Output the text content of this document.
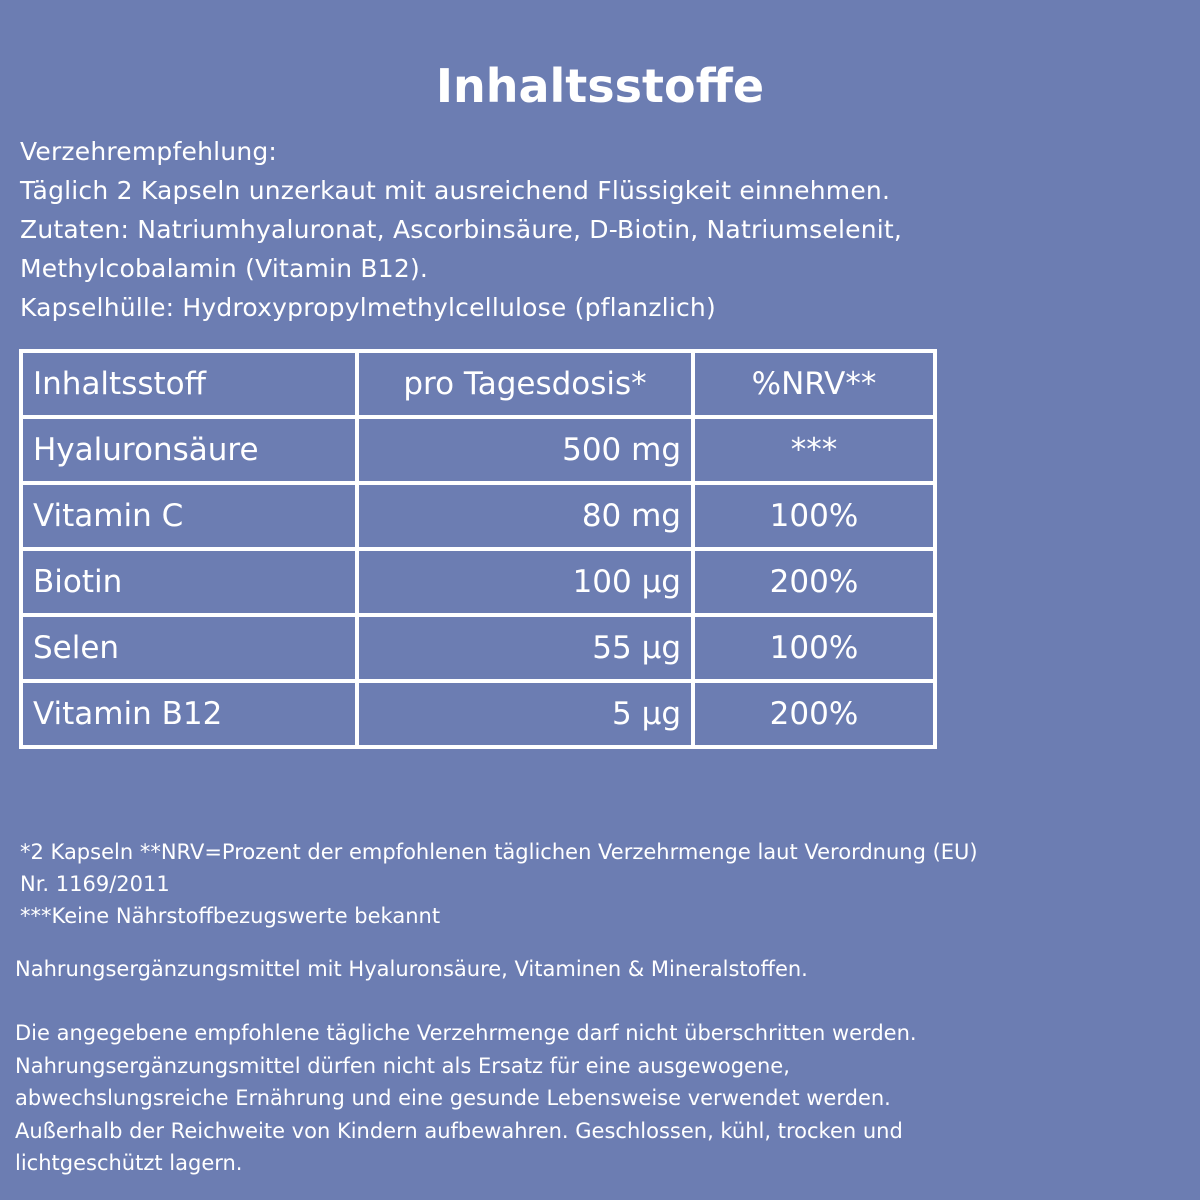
Inhaltsstoffe
Verzehrempfehlung:
Täglich 2 Kapseln unzerkaut mit ausreichend Flüssigkeit einnehmen.
Zutaten: Natriumhyaluronat, Ascorbinsäure, D-Biotin, Natriumselenit,
Methylcobalamin (Vitamin B12).
Kapselhülle: Hydroxypropylmethylcellulose (pflanzlich)
Inhaltsstoff	pro Tagesdosis*	%NRV**
Hyaluronsäure	500 mg	***
Vitamin C	80 mg	100%
Biotin	100 µg	200%
Selen	55 µg	100%
Vitamin B12	5 µg	200%
*2 Kapseln **NRV=Prozent der empfohlenen täglichen Verzehrmenge laut Verordnung (EU)
Nr. 1169/2011
***Keine Nährstoffbezugswerte bekannt
Nahrungsergänzungsmittel mit Hyaluronsäure, Vitaminen & Mineralstoffen.
Die angegebene empfohlene tägliche Verzehrmenge darf nicht überschritten werden.
Nahrungsergänzungsmittel dürfen nicht als Ersatz für eine ausgewogene,
abwechslungsreiche Ernährung und eine gesunde Lebensweise verwendet werden.
Außerhalb der Reichweite von Kindern aufbewahren. Geschlossen, kühl, trocken und
lichtgeschützt lagern.
